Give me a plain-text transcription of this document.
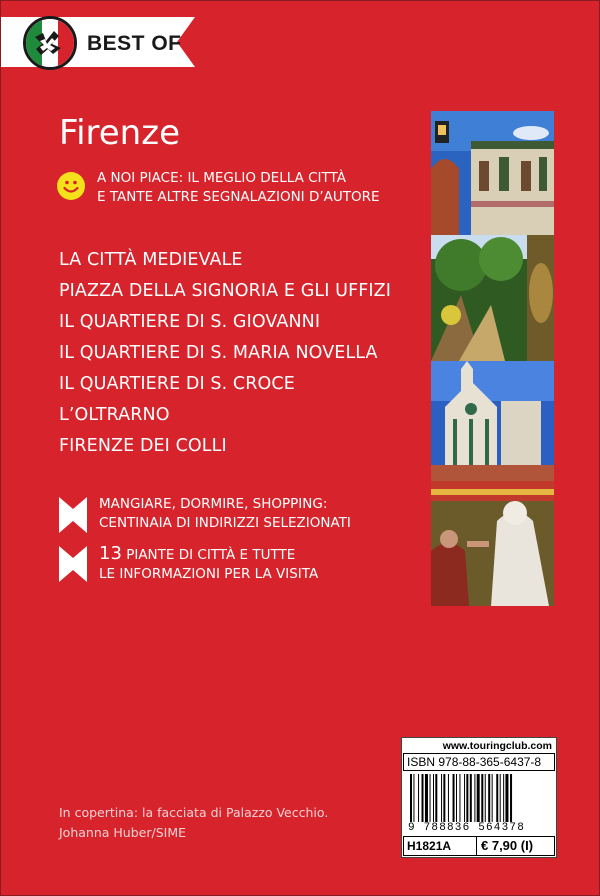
BEST OF
Firenze
A NOI PIACE: IL MEGLIO DELLA CITTÀ
E TANTE ALTRE SEGNALAZIONI D’AUTORE
LA CITTÀ MEDIEVALE
PIAZZA DELLA SIGNORIA E GLI UFFIZI
IL QUARTIERE DI S. GIOVANNI
IL QUARTIERE DI S. MARIA NOVELLA
IL QUARTIERE DI S. CROCE
L’OLTRARNO
FIRENZE DEI COLLI
MANGIARE, DORMIRE, SHOPPING:
CENTINAIA DI INDIRIZZI SELEZIONATI
13 PIANTE DI CITTÀ E TUTTE
LE INFORMAZIONI PER LA VISITA
In copertina: la facciata di Palazzo Vecchio.
Johanna Huber/SIME
www.touringclub.com
ISBN 978-88-365-6437-8
9 788836 564378
H1821A	€ 7,90 (I)
